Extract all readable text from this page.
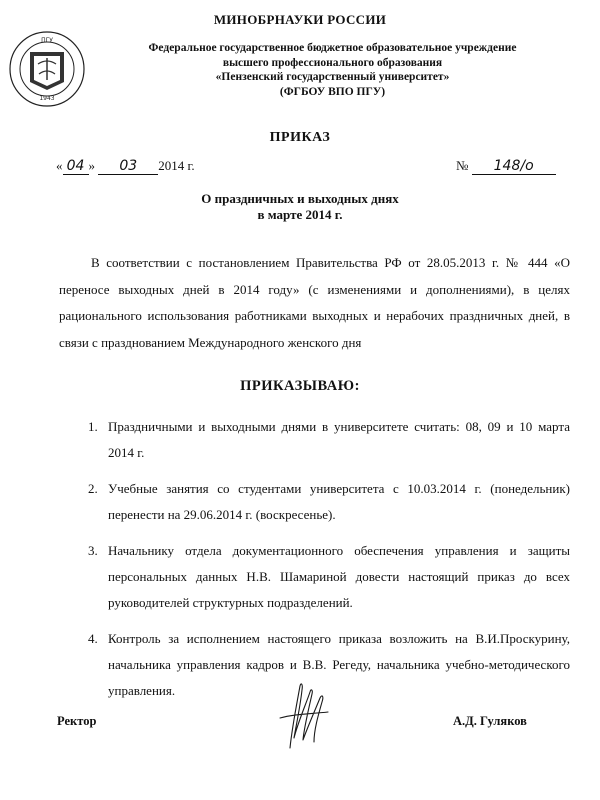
МИНОБРНАУКИ РОССИИ
1943
ПГУ
Федеральное государственное бюджетное образовательное учреждение
высшего профессионального образования
«Пензенский государственный университет»
(ФГБОУ ВПО ПГУ)
ПРИКАЗ
« 04 » 03 2014 г.	№ 148/о
О праздничных и выходных днях
в марте 2014 г.
В соответствии с постановлением Правительства РФ от 28.05.2013 г. № 444 «О переносе выходных дней в 2014 году» (с изменениями и дополнениями), в целях рационального использования работниками выходных и нерабочих праздничных дней, в связи с празднованием Международного женского дня
ПРИКАЗЫВАЮ:
1. Праздничными и выходными днями в университете считать: 08, 09 и 10 марта 2014 г.
2. Учебные занятия со студентами университета с 10.03.2014 г. (понедельник) перенести на 29.06.2014 г. (воскресенье).
3. Начальнику отдела документационного обеспечения управления и защиты персональных данных Н.В. Шамариной довести настоящий приказ до всех руководителей структурных подразделений.
4. Контроль за исполнением настоящего приказа возложить на В.И.Проскурину, начальника управления кадров и В.В. Регеду, начальника учебно-методического управления.
Ректор	А.Д. Гуляков
